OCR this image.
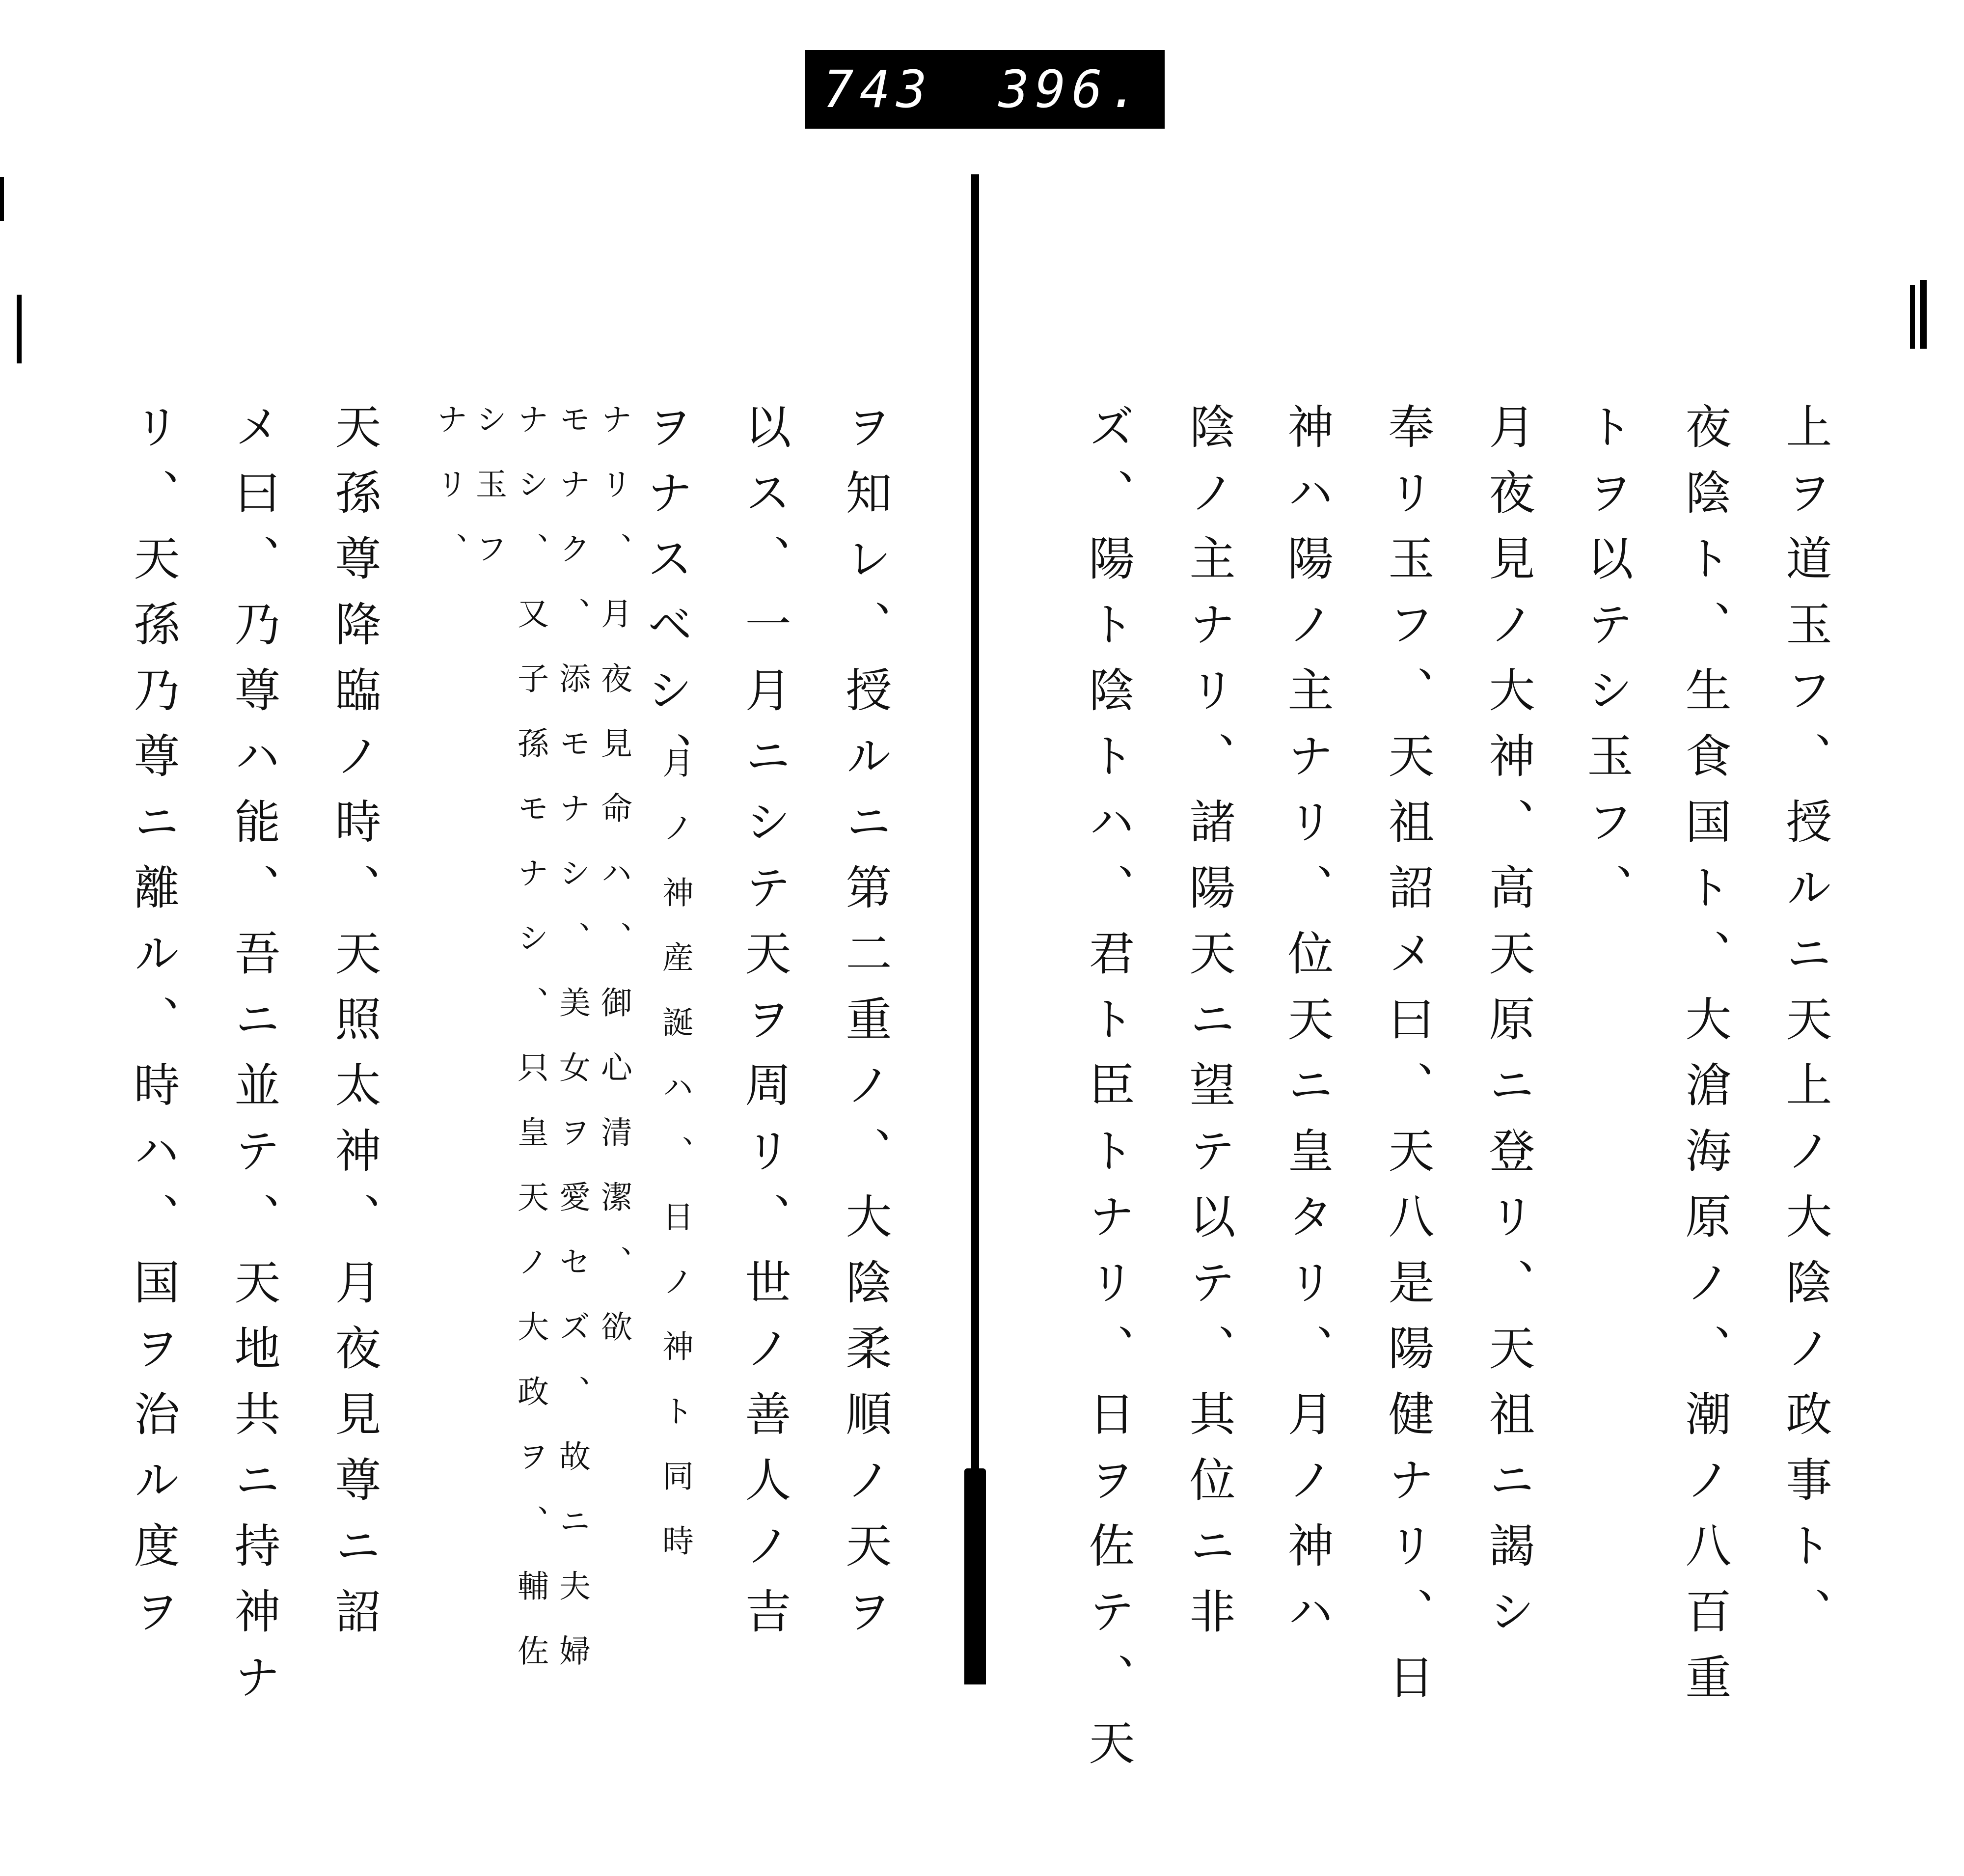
743 396.
上ヲ道玉フ、授ルニ天上ノ大陰ノ政事ト、
夜陰ト、生食国ト、大滄海原ノ、潮ノ八百重
トヲ以テシ玉フ、
月夜見ノ大神、高天原ニ登リ、天祖ニ謁シ
奉リ玉フ、天祖詔メ曰、天八是陽健ナリ、日
神ハ陽ノ主ナリ、位天ニ皇タリ、月ノ神ハ
陰ノ主ナリ、諸陽天ニ望テ以テ、其位ニ非
ズ、陽ト陰トハ、君ト臣トナリ、日ヲ佐テ、天
ヲ知レ、授ルニ第二重ノ、大陰柔順ノ天ヲ
以ス、一月ニシテ天ヲ周リ、世ノ善人ノ吉
ヲナスベシ、
月ノ神産誕ハ、日ノ神ト同時
ナリ、月夜見命ハ、御心清潔、欲
モナク、添モナシ、美女ヲ愛セズ、故ニ夫婦
ナシ、又子孫モナシ、只皇天ノ大政ヲ、輔佐
シ玉フ
ナリ、
天孫尊降臨ノ時、天照太神、月夜見尊ニ詔
メ曰、乃尊ハ能、吾ニ並テ、天地共ニ持神ナ
リ、天孫乃尊ニ離ル、時ハ、国ヲ治ル度ヲ
